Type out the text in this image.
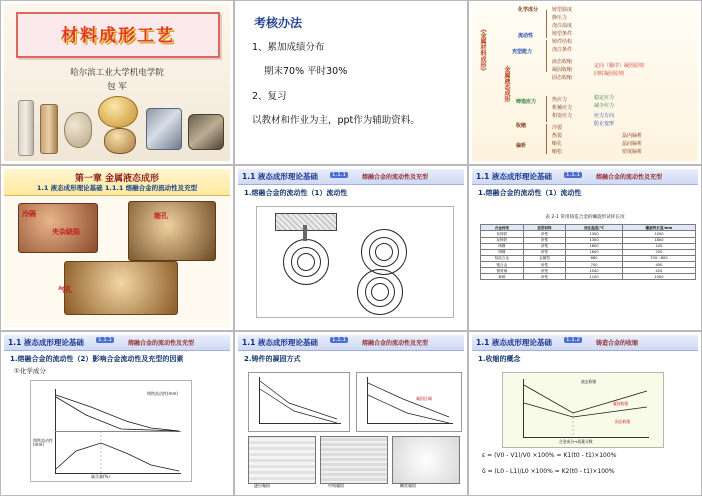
材料成形工艺
哈尔滨工业大学机电学院
包 军
考核办法

1、累加成绩分布

期末70% 平时30%

2、复习

以教材和作业为主，ppt作为辅助资料。

《金属材料成形》
化学成分
流动性
充型能力
金属液态成形 铸造应力
收缩
偏析
铸型温度
静压力
浇注温度
铸型条件
铸件结构
浇注条件
液态收缩
凝固收缩
固态收缩
热应力
机械应力
相变应力
冷裂
热裂
缩孔
缩松
晶内偏析
晶间偏析
密度偏析
定向（顺序）凝固原则
同时凝固原则
稳定应力
减少应力
应力方向
防止变形
第一章 金属液态成形
1.1 液态成形理论基础 1.1.1 熔融合金的流动性及充型
冷隔
夹杂缺陷
缩孔
气孔
1.1 液态成形理论基础	1.1.1	熔融合金的流动性及充型
1.熔融合金的流动性（1）流动性
1.1 液态成形理论基础	1.1.1	熔融合金的流动性及充型
1.熔融合金的流动性（1）流动性
表 2-1 常用铸造合金的螺旋形试样长度
合金种类	造型材料	浇注温度/℃	螺旋线长度/mm
灰铸铁	砂型	1300	1000
灰铸铁	砂型	1300	1800
铸钢	砂型	1600	100
铸钢	砂型	1640	200
铝硅合金	金属型	680	700～800
镁合金	砂型	700	400
锡青铜	砂型	1040	420
黄铜	砂型	1100	1000
1.1 液态成形理论基础	1.1.1	熔融合金的流动性及充型
1.熔融合金的流动性（2）影响合金流动性及充型的因素
①化学成分
铸铁流动性(mm)
铸铁流动性(mm)
碳含量(%)
1.1 液态成形理论基础	1.1.1	熔融合金的流动性及充型
2.铸件的凝固方式
逐层凝固	中间凝固	糊状凝固
凝固区域
1.1 液态成形理论基础	1.1.2	铸造合金的收缩
1.收缩的概念
液态收缩
凝固收缩
固态收缩
合金成分→质量分数
ε = (V0 - V1)/V0 ×100% = K1(t0 - t1)×100%
δ = (L0 - L1)/L0 ×100% = K2(t0 - t1)×100%
